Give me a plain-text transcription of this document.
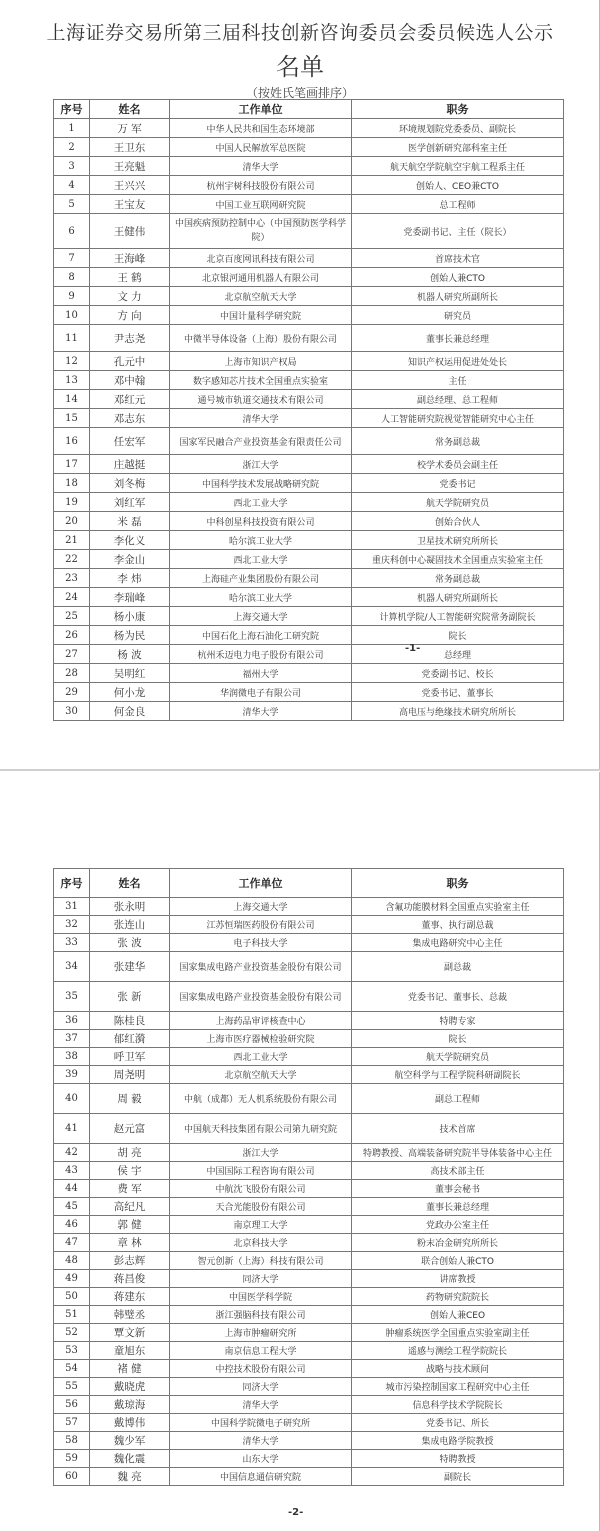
上海证券交易所第三届科技创新咨询委员会委员候选人公示
名单
（按姓氏笔画排序）
序号	姓名	工作单位	职务
1	万 军	中华人民共和国生态环境部	环境规划院党委委员、副院长
2	王卫东	中国人民解放军总医院	医学创新研究部科室主任
3	王亮魁	清华大学	航天航空学院航空宇航工程系主任
4	王兴兴	杭州宇树科技股份有限公司	创始人、CEO兼CTO
5	王宝友	中国工业互联网研究院	总工程师
6	王健伟	中国疾病预防控制中心（中国预防医学科学院）	党委副书记、主任（院长）
7	王海峰	北京百度网讯科技有限公司	首席技术官
8	王 鹤	北京银河通用机器人有限公司	创始人兼CTO
9	文 力	北京航空航天大学	机器人研究所副所长
10	方 向	中国计量科学研究院	研究员
11	尹志尧	中微半导体设备（上海）股份有限公司	董事长兼总经理
12	孔元中	上海市知识产权局	知识产权运用促进处处长
13	邓中翰	数字感知芯片技术全国重点实验室	主任
14	邓红元	通号城市轨道交通技术有限公司	副总经理、总工程师
15	邓志东	清华大学	人工智能研究院视觉智能研究中心主任
16	任宏军	国家军民融合产业投资基金有限责任公司	常务副总裁
17	庄越挺	浙江大学	校学术委员会副主任
18	刘冬梅	中国科学技术发展战略研究院	党委书记
19	刘红军	西北工业大学	航天学院研究员
20	米 磊	中科创星科技投资有限公司	创始合伙人
21	李化义	哈尔滨工业大学	卫星技术研究所所长
22	李金山	西北工业大学	重庆科创中心凝固技术全国重点实验室主任
23	李 炜	上海硅产业集团股份有限公司	常务副总裁
24	李瑞峰	哈尔滨工业大学	机器人研究所副所长
25	杨小康	上海交通大学	计算机学院/人工智能研究院常务副院长
26	杨为民	中国石化上海石油化工研究院	院长
27	杨 波	杭州禾迈电力电子股份有限公司	总经理
28	吴明红	福州大学	党委副书记、校长
29	何小龙	华润微电子有限公司	党委书记、董事长
30	何金良	清华大学	高电压与绝缘技术研究所所长
-1-
序号	姓名	工作单位	职务
31	张永明	上海交通大学	含氟功能膜材料全国重点实验室主任
32	张连山	江苏恒瑞医药股份有限公司	董事、执行副总裁
33	张 波	电子科技大学	集成电路研究中心主任
34	张建华	国家集成电路产业投资基金股份有限公司	副总裁
35	张 新	国家集成电路产业投资基金股份有限公司	党委书记、董事长、总裁
36	陈桂良	上海药品审评核查中心	特聘专家
37	郁红漪	上海市医疗器械检验研究院	院长
38	呼卫军	西北工业大学	航天学院研究员
39	周尧明	北京航空航天大学	航空科学与工程学院科研副院长
40	周 毅	中航（成都）无人机系统股份有限公司	副总工程师
41	赵元富	中国航天科技集团有限公司第九研究院	技术首席
42	胡 亮	浙江大学	特聘教授、高端装备研究院半导体装备中心主任
43	侯 宇	中国国际工程咨询有限公司	高技术部主任
44	费 军	中航沈飞股份有限公司	董事会秘书
45	高纪凡	天合光能股份有限公司	董事长兼总经理
46	郭 健	南京理工大学	党政办公室主任
47	章 林	北京科技大学	粉末冶金研究所所长
48	彭志辉	智元创新（上海）科技有限公司	联合创始人兼CTO
49	蒋昌俊	同济大学	讲席教授
50	蒋建东	中国医学科学院	药物研究院院长
51	韩璧丞	浙江强脑科技有限公司	创始人兼CEO
52	覃文新	上海市肿瘤研究所	肿瘤系统医学全国重点实验室副主任
53	童旭东	南京信息工程大学	遥感与测绘工程学院院长
54	褚 健	中控技术股份有限公司	战略与技术顾问
55	戴晓虎	同济大学	城市污染控制国家工程研究中心主任
56	戴琼海	清华大学	信息科学技术学院院长
57	戴博伟	中国科学院微电子研究所	党委书记、所长
58	魏少军	清华大学	集成电路学院教授
59	魏化震	山东大学	特聘教授
60	魏 亮	中国信息通信研究院	副院长
-2-
